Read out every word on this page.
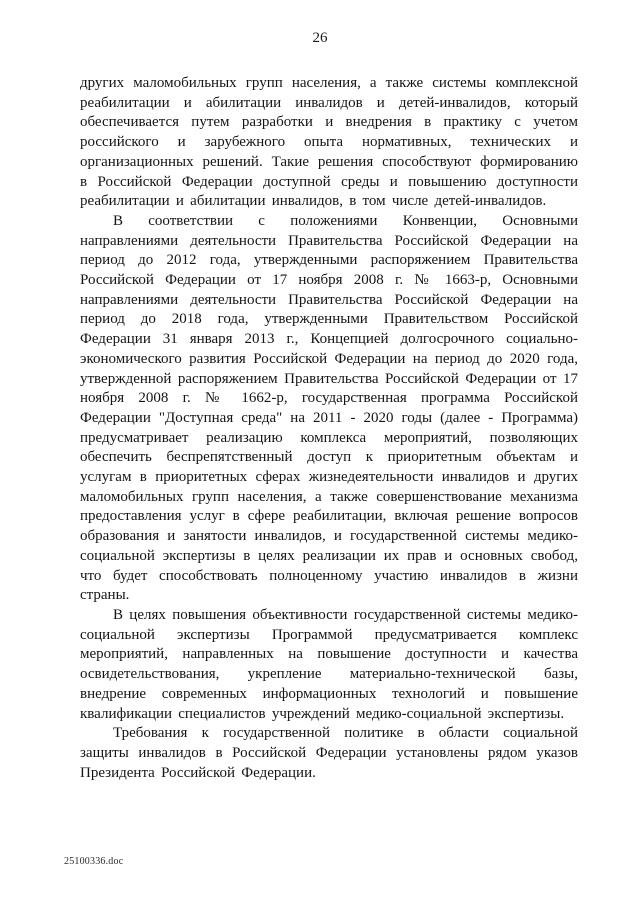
26

других маломобильных групп населения, а также системы комплексной реабилитации и абилитации инвалидов и детей-инвалидов, который обеспечивается путем разработки и внедрения в практику с учетом российского и зарубежного опыта нормативных, технических и организационных решений. Такие решения способствуют формированию в Российской Федерации доступной среды и повышению доступности реабилитации и абилитации инвалидов, в том числе детей-инвалидов.

В соответствии с положениями Конвенции, Основными направлениями деятельности Правительства Российской Федерации на период до 2012 года, утвержденными распоряжением Правительства Российской Федерации от 17 ноября 2008 г. № 1663-р, Основными направлениями деятельности Правительства Российской Федерации на период до 2018 года, утвержденными Правительством Российской Федерации 31 января 2013 г., Концепцией долгосрочного социально-экономического развития Российской Федерации на период до 2020 года, утвержденной распоряжением Правительства Российской Федерации от 17 ноября 2008 г. № 1662-р, государственная программа Российской Федерации "Доступная среда" на 2011 - 2020 годы (далее - Программа) предусматривает реализацию комплекса мероприятий, позволяющих обеспечить беспрепятственный доступ к приоритетным объектам и услугам в приоритетных сферах жизнедеятельности инвалидов и других маломобильных групп населения, а также совершенствование механизма предоставления услуг в сфере реабилитации, включая решение вопросов образования и занятости инвалидов, и государственной системы медико-социальной экспертизы в целях реализации их прав и основных свобод, что будет способствовать полноценному участию инвалидов в жизни страны.

В целях повышения объективности государственной системы медико-социальной экспертизы Программой предусматривается комплекс мероприятий, направленных на повышение доступности и качества освидетельствования, укрепление материально-технической базы, внедрение современных информационных технологий и повышение квалификации специалистов учреждений медико-социальной экспертизы.

Требования к государственной политике в области социальной защиты инвалидов в Российской Федерации установлены рядом указов Президента Российской Федерации.

25100336.doc
